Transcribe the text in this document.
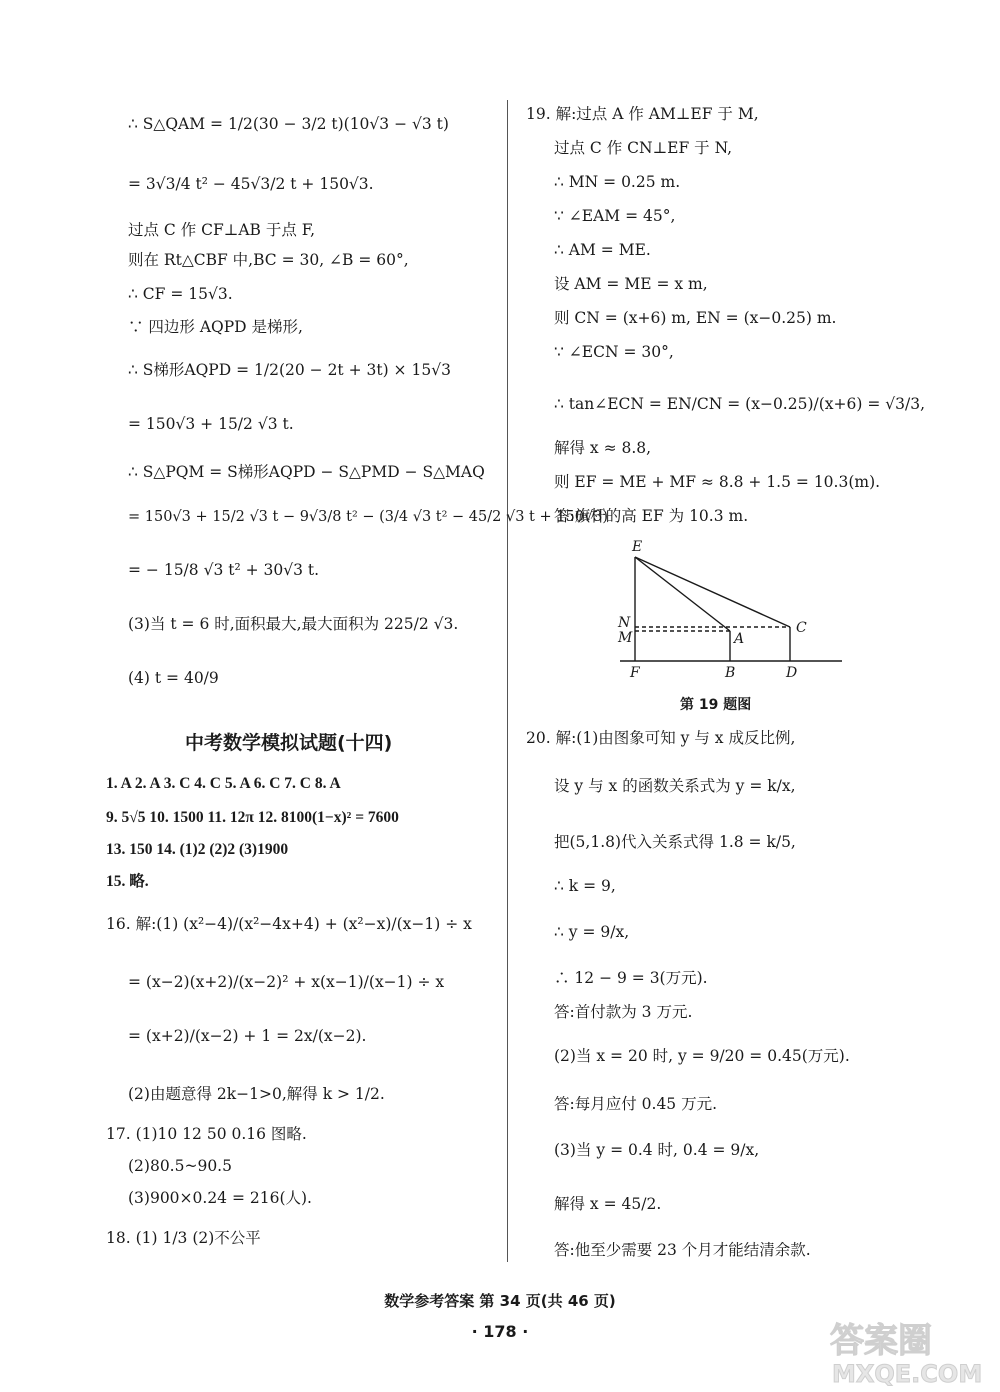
∴ S△QAM = 1/2(30 − 3/2 t)(10√3 − √3 t)
= 3√3/4 t² − 45√3/2 t + 150√3.
过点 C 作 CF⊥AB 于点 F,
则在 Rt△CBF 中,BC = 30, ∠B = 60°,
∴ CF = 15√3.
∵ 四边形 AQPD 是梯形,
∴ S梯形AQPD = 1/2(20 − 2t + 3t) × 15√3
= 150√3 + 15/2 √3 t.
∴ S△PQM = S梯形AQPD − S△PMD − S△MAQ
= 150√3 + 15/2 √3 t − 9√3/8 t² − (3/4 √3 t² − 45/2 √3 t + 150√3)
= − 15/8 √3 t² + 30√3 t.
(3)当 t = 6 时,面积最大,最大面积为 225/2 √3.
(4) t = 40/9
中考数学模拟试题(十四)
1. A 2. A 3. C 4. C 5. A 6. C 7. C 8. A
9. 5√5 10. 1500 11. 12π 12. 8100(1−x)² = 7600
13. 150 14. (1)2 (2)2 (3)1900
15. 略.
16. 解:(1) (x²−4)/(x²−4x+4) + (x²−x)/(x−1) ÷ x
= (x−2)(x+2)/(x−2)² + x(x−1)/(x−1) ÷ x
= (x+2)/(x−2) + 1 = 2x/(x−2).
(2)由题意得 2k−1>0,解得 k > 1/2.
17. (1)10 12 50 0.16 图略.
(2)80.5~90.5
(3)900×0.24 = 216(人).
18. (1) 1/3 (2)不公平
19. 解:过点 A 作 AM⊥EF 于 M,
过点 C 作 CN⊥EF 于 N,
∴ MN = 0.25 m.
∵ ∠EAM = 45°,
∴ AM = ME.
设 AM = ME = x m,
则 CN = (x+6) m, EN = (x−0.25) m.
∵ ∠ECN = 30°,
∴ tan∠ECN = EN/CN = (x−0.25)/(x+6) = √3/3,
解得 x ≈ 8.8,
则 EF = ME + MF ≈ 8.8 + 1.5 = 10.3(m).
答:旗杆的高 EF 为 10.3 m.
E
N
M	A
C
F	B	D
第 19 题图
20. 解:(1)由图象可知 y 与 x 成反比例,
设 y 与 x 的函数关系式为 y = k/x,
把(5,1.8)代入关系式得 1.8 = k/5,
∴ k = 9,
∴ y = 9/x,
∴ 12 − 9 = 3(万元).
答:首付款为 3 万元.
(2)当 x = 20 时, y = 9/20 = 0.45(万元).
答:每月应付 0.45 万元.
(3)当 y = 0.4 时, 0.4 = 9/x,
解得 x = 45/2.
答:他至少需要 23 个月才能结清余款.
数学参考答案 第 34 页(共 46 页)
· 178 ·	答案圈
MXQE.COM
